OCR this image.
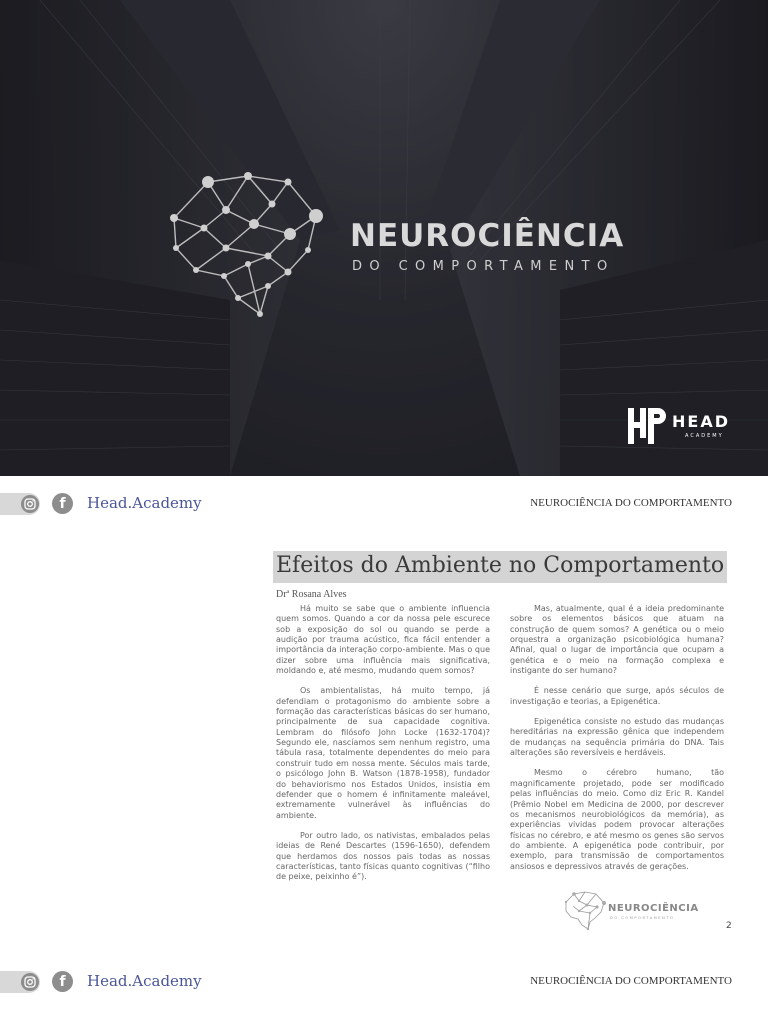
NEUROCIÊNCIA
DO COMPORTAMENTO
HEAD
ACADEMY
f	Head.Academy	NEUROCIÊNCIA DO COMPORTAMENTO
Efeitos do Ambiente no Comportamento
Drª Rosana Alves

Há muito se sabe que o ambiente influencia quem somos. Quando a cor da nossa pele escurece sob a exposição do sol ou quando se perde a audição por trauma acústico, fica fácil entender a importância da interação corpo-ambiente. Mas o que dizer sobre uma influência mais significativa, moldando e, até mesmo, mudando quem somos?

Os ambientalistas, há muito tempo, já defendiam o protagonismo do ambiente sobre a formação das características básicas do ser humano, principalmente de sua capacidade cognitiva. Lembram do filósofo John Locke (1632-1704)? Segundo ele, nascíamos sem nenhum registro, uma tábula rasa, totalmente dependentes do meio para construir tudo em nossa mente. Séculos mais tarde, o psicólogo John B. Watson (1878-1958), fundador do behaviorismo nos Estados Unidos, insistia em defender que o homem é infinitamente maleável, extremamente vulnerável às influências do ambiente.

Por outro lado, os nativistas, embalados pelas ideias de René Descartes (1596-1650), defendem que herdamos dos nossos pais todas as nossas características, tanto físicas quanto cognitivas (“filho de peixe, peixinho é”).

Mas, atualmente, qual é a ideia predominante sobre os elementos básicos que atuam na construção de quem somos? A genética ou o meio orquestra a organização psicobiológica humana? Afinal, qual o lugar de importância que ocupam a genética e o meio na formação complexa e instigante do ser humano?

É nesse cenário que surge, após séculos de investigação e teorias, a Epigenética.

Epigenética consiste no estudo das mudanças hereditárias na expressão gênica que independem de mudanças na sequência primária do DNA. Tais alterações são reversíveis e herdáveis.

Mesmo o cérebro humano, tão magnificamente projetado, pode ser modificado pelas influências do meio. Como diz Eric R. Kandel (Prêmio Nobel em Medicina de 2000, por descrever os mecanismos neurobiológicos da memória), as experiências vividas podem provocar alterações físicas no cérebro, e até mesmo os genes são servos do ambiente. A epigenética pode contribuir, por exemplo, para transmissão de comportamentos ansiosos e depressivos através de gerações.

NEUROCIÊNCIA
DO COMPORTAMENTO
2
f	Head.Academy	NEUROCIÊNCIA DO COMPORTAMENTO
